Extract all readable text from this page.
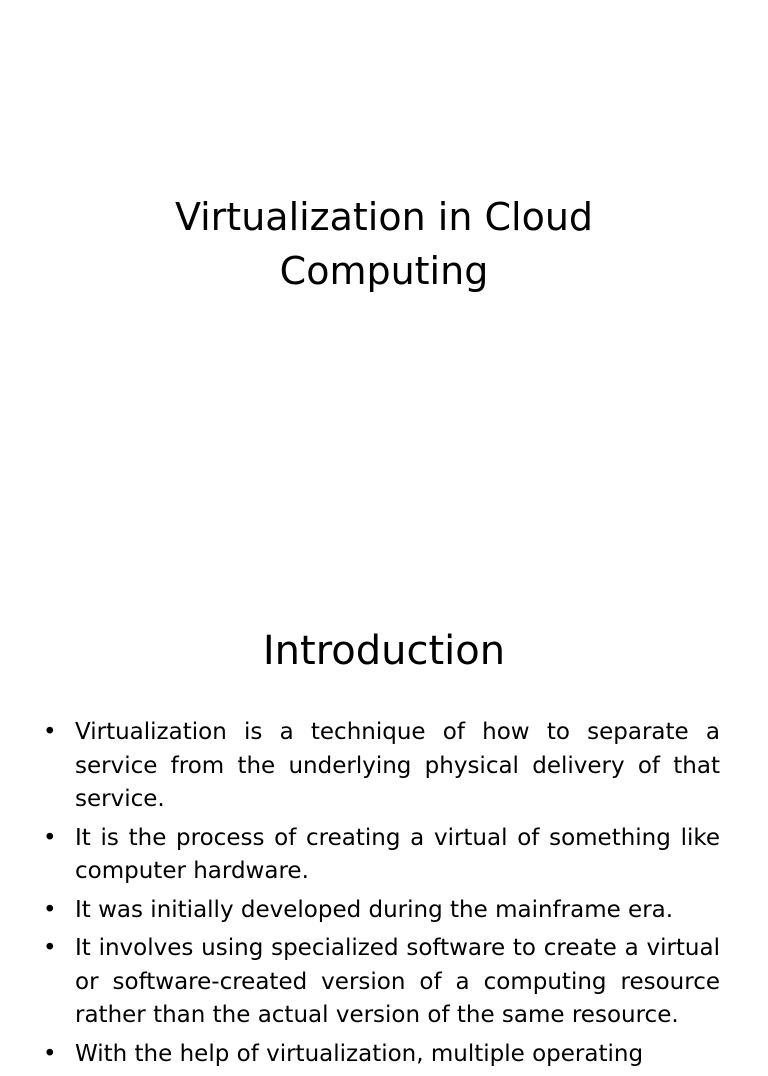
Virtualization in Cloud
Computing
Introduction
• Virtualization is a technique of how to separate a service from the underlying physical delivery of that service.
• It is the process of creating a virtual of something like computer hardware.
• It was initially developed during the mainframe era.
• It involves using specialized software to create a virtual or software-created version of a computing resource rather than the actual version of the same resource.
• With the help of virtualization, multiple operating
